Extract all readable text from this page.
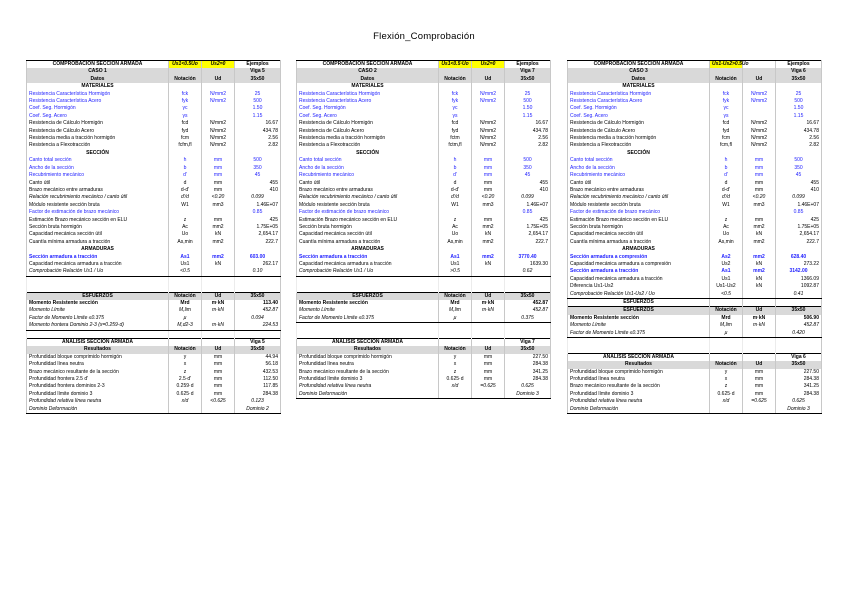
Flexión_Comprobación
COMPROBACIÓN SECCIÓN ARMADA	Us1<0.5Uo	Us2=0	Ejemplos
CASO 1			Viga 5
Datos	Notación	Ud	35x50
MATERIALES			
Resistencia Característica Hormigón	fck	N/mm2	25
Resistencia Característica Acero	fyk	N/mm2	500
Coef. Seg. Hormigón	γc		1.50
Coef. Seg. Acero	γs		1.15
Resistencia de Cálculo Hormigón	fcd	N/mm2	16.67
Resistencia de Cálculo Acero	fyd	N/mm2	434.78
Resistencia media a tracción hormigón	fcm	N/mm2	2.56
Resistencia a Flexotracción	fcfm,fl	N/mm2	2.82
SECCIÓN			
Canto total sección	h	mm	500
Ancho de la sección	b	mm	350
Recubrimiento mecánico	d'	mm	45
Canto útil	d	mm	455
Brazo mecánico entre armaduras	d-d'	mm	410
Relación recubrimiento mecánico / canto útil	d'/d	<0.20	0.099
Módulo resistente sección bruta	W1	mm3	1.46E+07
Factor de estimación de brazo mecánico			0.85
Estimación Brazo mecánico sección en ELU	z	mm	425
Sección bruta hormigón	Ac	mm2	1.75E+05
Capacidad mecánica sección útil	Uo	kN	2,654.17
Cuantía mínima armadura a tracción	As,min	mm2	222.7
ARMADURAS			
Sección armadura a tracción	As1	mm2	603.00
Capacidad mecánica armadura a tracción	Us1	kN	262.17
Comprobación Relación Us1 / Uo	<0.5		0.10

ESFUERZOS	Notación	Ud	35x50
Momento Resistente sección	Mrd	m·kN	113.40
Momento Límite	M,lim	m·kN	452.87
Factor de Momento Límite ≤0.375	μ		0.094
Momento frontera Dominio 2-3 (x=0.259·d)	M,d2-3	m·kN	224.53

ANÁLISIS SECCIÓN ARMADA			Viga 5
Resultados	Notación	Ud	35x50
Profundidad bloque comprimido hormigón	y	mm	44.94
Profundidad línea neutra	x	mm	56.18
Brazo mecánico resultante de la sección	z	mm	432.53
Profundidad frontera 2.5 d'	2.5·d'	mm	112.50
Profundidad frontera dominios 2-3	0.259·d	mm	117.85
Profundidad límite dominio 3	0.625·d	mm	284.38
Profundidad relativa línea neutra	x/d	<0.625	0.123
Dominio Deformación			Dominio 2
COMPROBACIÓN SECCIÓN ARMADA	Us1<0.5·Uo	Us2=0	Ejemplos
CASO 2			Viga 7
Datos	Notación	Ud	35x50
MATERIALES			
Resistencia Característica Hormigón	fck	N/mm2	25
Resistencia Característica Acero	fyk	N/mm2	500
Coef. Seg. Hormigón	γc		1.50
Coef. Seg. Acero	γs		1.15
Resistencia de Cálculo Hormigón	fcd	N/mm2	16.67
Resistencia de Cálculo Acero	fyd	N/mm2	434.78
Resistencia media a tracción hormigón	fctm	N/mm2	2.56
Resistencia a Flexotracción	fctm,fl	N/mm2	2.82
SECCIÓN			
Canto total sección	h	mm	500
Ancho de la sección	b	mm	350
Recubrimiento mecánico	d'	mm	45
Canto útil	d	mm	455
Brazo mecánico entre armaduras	d-d'	mm	410
Relación recubrimiento mecánico / canto útil	d'/d	<0.20	0.099
Módulo resistente sección bruta	W1	mm3	1.46E+07
Factor de estimación de brazo mecánico			0.85
Estimación Brazo mecánico sección en ELU	z	mm	425
Sección bruta hormigón	Ac	mm2	1.75E+05
Capacidad mecánica sección útil	Uo	kN	2,654.17
Cuantía mínima armadura a tracción	As,min	mm2	222.7
ARMADURAS			
Sección armadura a tracción	As1	mm2	3770.40
Capacidad mecánica armadura a tracción	Us1	kN	1639.30
Comprobación Relación Us1 / Uo	>0.5		0.62

ESFUERZOS	Notación	Ud	35x50
Momento Resistente sección	Mrd	m·kN	452.87
Momento Límite	M,lim	m·kN	452.87
Factor de Momento Límite ≤0.375	μ		0.375

ANÁLISIS SECCIÓN ARMADA			Viga 7
Resultados	Notación	Ud	35x50
Profundidad bloque comprimido hormigón	y	mm	227.50
Profundidad línea neutra	x	mm	284.38
Brazo mecánico resultante de la sección	z	mm	341.25
Profundidad límite dominio 3	0.625·d	mm	284.38
Profundidad relativa línea neutra	x/d	=0.625	0.625
Dominio Deformación			Dominio 3
COMPROBACIÓN SECCIÓN ARMADA	Us1-Us2>0.5Uo		Ejemplos
CASO 3			Viga 6
Datos	Notación	Ud	35x50
MATERIALES			
Resistencia Característica Hormigón	fck	N/mm2	25
Resistencia Característica Acero	fyk	N/mm2	500
Coef. Seg. Hormigón	γc		1.50
Coef. Seg. Acero	γs		1.15
Resistencia de Cálculo Hormigón	fcd	N/mm2	16.67
Resistencia de Cálculo Acero	fyd	N/mm2	434.78
Resistencia media a tracción hormigón	fcm	N/mm2	2.56
Resistencia a Flexotracción	fcm,fl	N/mm2	2.82
SECCIÓN			
Canto total sección	h	mm	500
Ancho de la sección	b	mm	350
Recubrimiento mecánico	d'	mm	45
Canto útil	d	mm	455
Brazo mecánico entre armaduras	d-d'	mm	410
Relación recubrimiento mecánico / canto útil	d'/d	<0.20	0.099
Módulo resistente sección bruta	W1	mm3	1.46E+07
Factor de estimación de brazo mecánico			0.85
Estimación Brazo mecánico sección en ELU	z	mm	425
Sección bruta hormigón	Ac	mm2	1.75E+05
Capacidad mecánica sección útil	Uo	kN	2,654.17
Cuantía mínima armadura a tracción	As,min	mm2	222.7
ARMADURAS			
Sección armadura a compresión	As2	mm2	628.40
Capacidad mecánica armadura a compresión	Us2	kN	273.22
Sección armadura a tracción	As1	mm2	3142.00
Capacidad mecánica armadura a tracción	Us1	kN	1366.09
Diferencia Us1-Us2	Us1-Us2	kN	1092.87
Comprobación Relación Us1-Us2 / Uo	<0.5		0.41
ESFUERZOS			
ESFUERZOS	Notación	Ud	35x50
Momento Resistente sección	Mrd	m·kN	506.90
Momento Límite	M,lim	m·kN	452.87
Factor de Momento Límite ≤0.375	μ		0.420

ANÁLISIS SECCIÓN ARMADA			Viga 6
Resultados	Notación	Ud	35x50
Profundidad bloque comprimido hormigón	y	mm	227.50
Profundidad línea neutra	x	mm	284.38
Brazo mecánico resultante de la sección	z	mm	341.25
Profundidad límite dominio 3	0.625·d	mm	284.38
Profundidad relativa línea neutra	x/d	=0.625	0.625
Dominio Deformación			Dominio 3
